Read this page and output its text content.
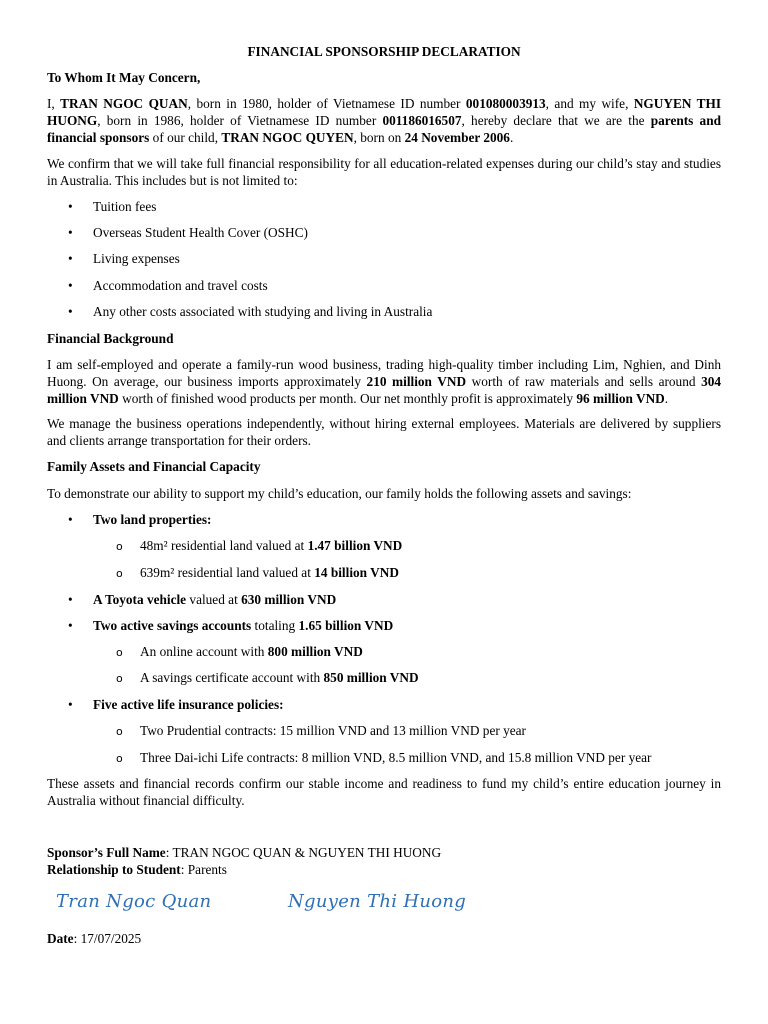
FINANCIAL SPONSORSHIP DECLARATION
To Whom It May Concern,
I, TRAN NGOC QUAN, born in 1980, holder of Vietnamese ID number 001080003913, and my wife, NGUYEN THI HUONG, born in 1986, holder of Vietnamese ID number 001186016507, hereby declare that we are the parents and financial sponsors of our child, TRAN NGOC QUYEN, born on 24 November 2006.
We confirm that we will take full financial responsibility for all education-related expenses during our child’s stay and studies in Australia. This includes but is not limited to:
• Tuition fees
• Overseas Student Health Cover (OSHC)
• Living expenses
• Accommodation and travel costs
• Any other costs associated with studying and living in Australia
Financial Background
I am self-employed and operate a family-run wood business, trading high-quality timber including Lim, Nghien, and Dinh Huong. On average, our business imports approximately 210 million VND worth of raw materials and sells around 304 million VND worth of finished wood products per month. Our net monthly profit is approximately 96 million VND.
We manage the business operations independently, without hiring external employees. Materials are delivered by suppliers and clients arrange transportation for their orders.
Family Assets and Financial Capacity
To demonstrate our ability to support my child’s education, our family holds the following assets and savings:
• Two land properties:
o 48m² residential land valued at 1.47 billion VND
o 639m² residential land valued at 14 billion VND
• A Toyota vehicle valued at 630 million VND
• Two active savings accounts totaling 1.65 billion VND
o An online account with 800 million VND
o A savings certificate account with 850 million VND
• Five active life insurance policies:
o Two Prudential contracts: 15 million VND and 13 million VND per year
o Three Dai-ichi Life contracts: 8 million VND, 8.5 million VND, and 15.8 million VND per year
These assets and financial records confirm our stable income and readiness to fund my child’s entire education journey in Australia without financial difficulty.
Sponsor’s Full Name: TRAN NGOC QUAN & NGUYEN THI HUONG
Relationship to Student: Parents
Tran Ngoc Quan	Nguyen Thi Huong
Date: 17/07/2025
